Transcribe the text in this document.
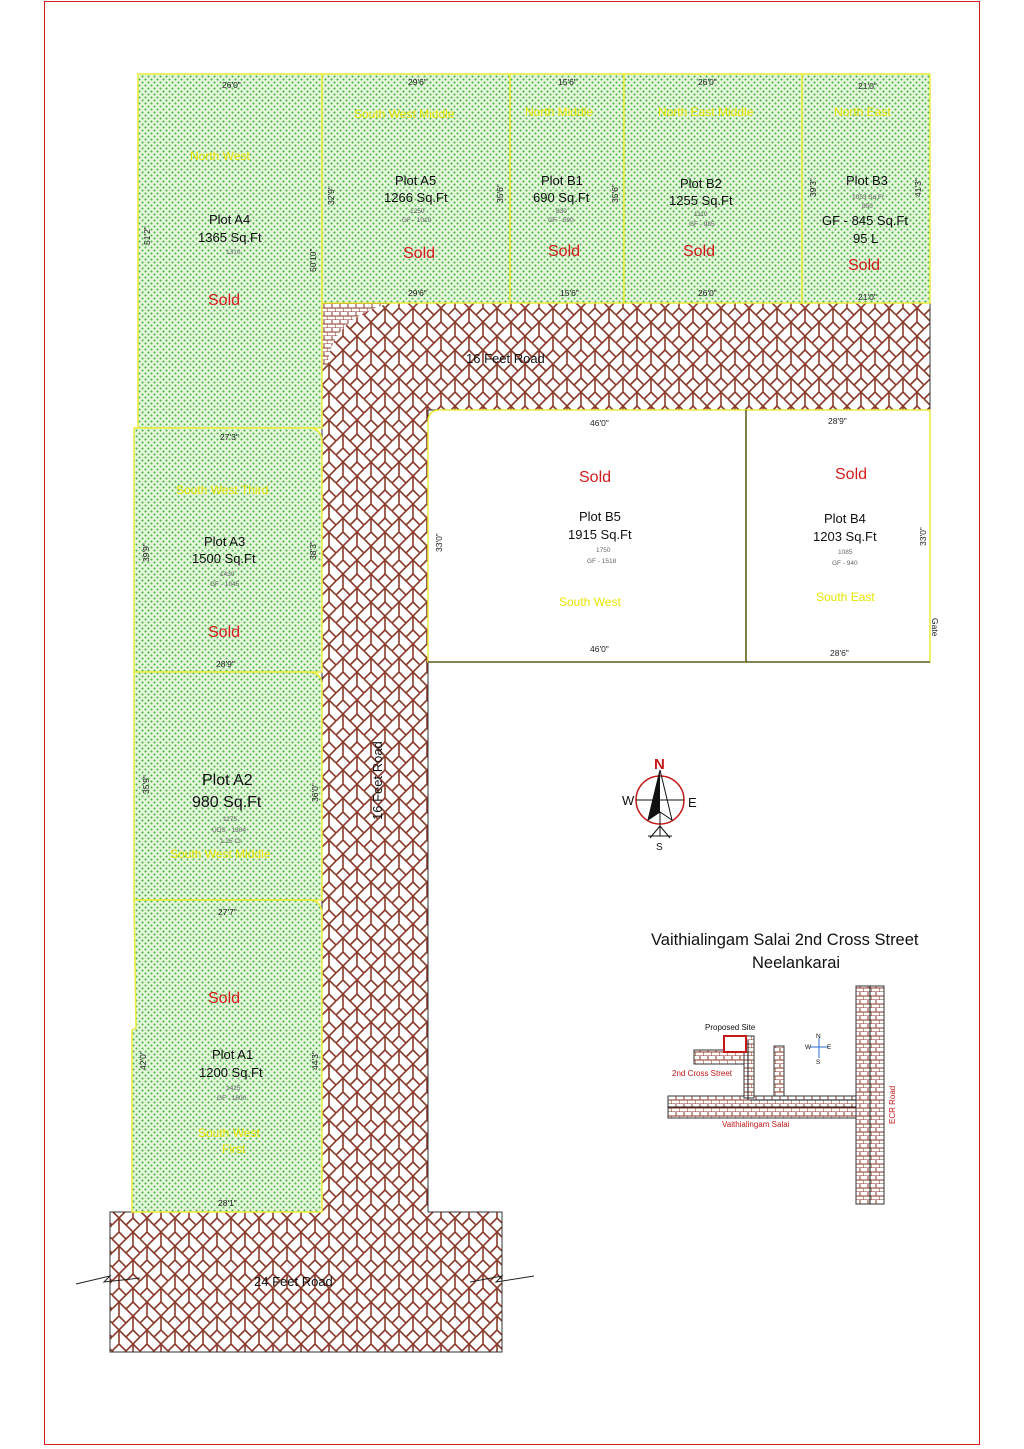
16 Feet Road
16 Feet Road
24 Feet Road
26'0"
51'2"
50'10"
North West
Plot A4
1365 Sq.Ft
1310
Sold
29'6"
29'6"
32'9"
South West Middle
Plot A5
1266 Sq.Ft
1250
GF - 1010
Sold
15'6"
15'6"
35'6"	35'6"
North Middle
Plot B1
690 Sq.Ft
830
GF - 590
Sold
26'0"
26'0"
North East Middle
Plot B2
1255 Sq.Ft
1110
GF - 985
Sold
21'0"
21'0"
39'3"	41'3"
North East
Plot B3
1053 Sq.Ft
850
GF - 845 Sq.Ft
95 L
Sold
27'3"
28'9"
39'9"	38'3"
South West Third
Plot A3
1500 Sq.Ft
1430
GF - 1045
Sold
35'9"	36'0"
Plot A2
980 Sq.Ft
1175
UDS - 1304
1.25 Cr
South West Middle
27'7"
28'1"
42'0"	44'3"
Sold
Plot A1
1200 Sq.Ft
1425
GF - 1800
South West
First
46'0"
46'0"
33'0"
Sold
Plot B5
1915 Sq.Ft
1750
GF - 1518
South West
28'9"
28'6"
33'0"
Gate
Sold
Plot B4
1203 Sq.Ft
1085
GF - 940
South East
N
W	E
S
Vaithialingam Salai 2nd Cross Street
Neelankarai
Proposed Site
2nd Cross Street
Vaithialingam Salai
ECR Road
N
W E
S
